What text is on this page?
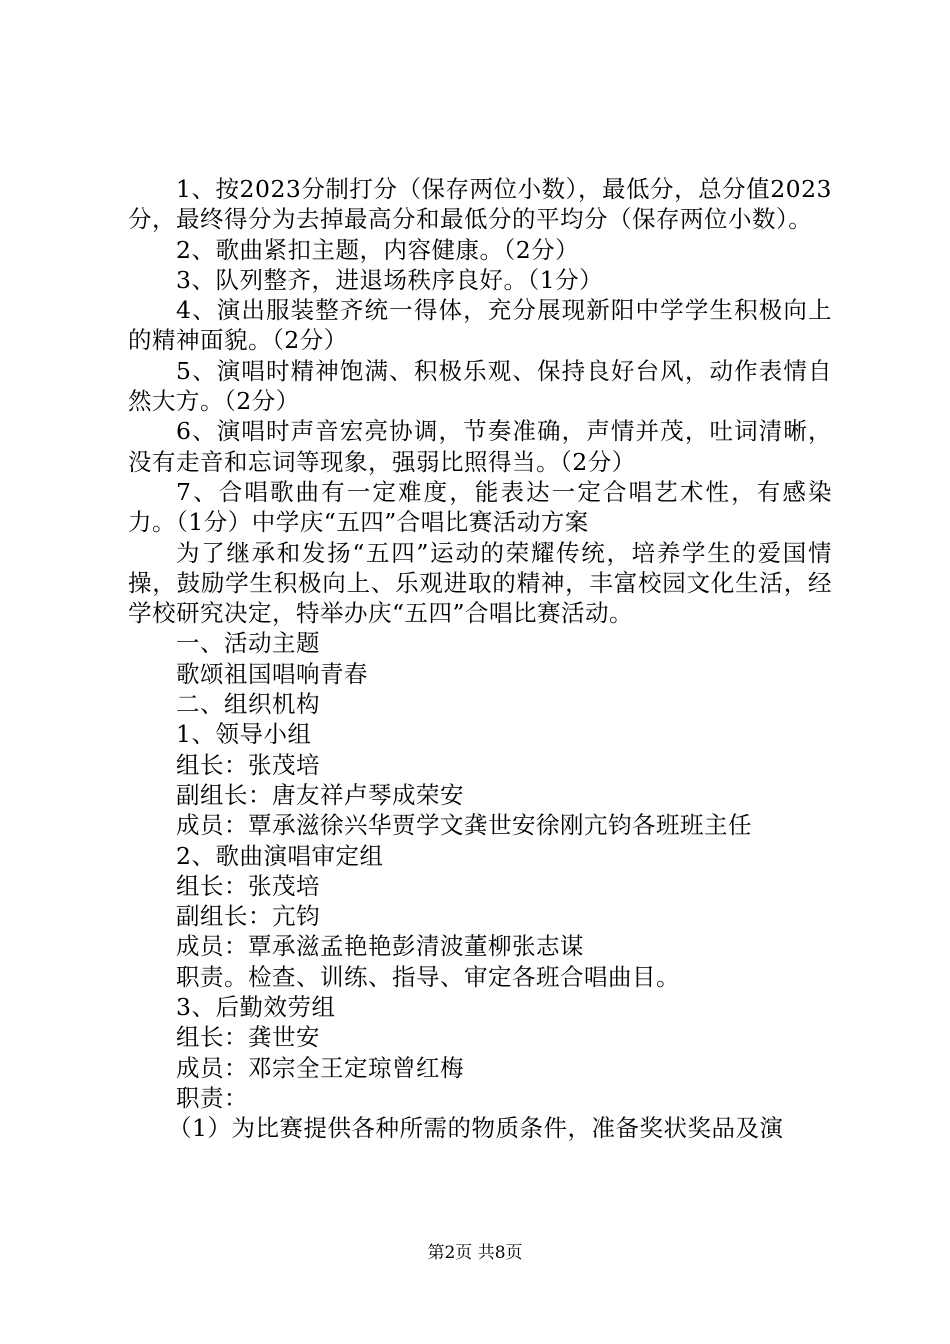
1、按2023分制打分（保存两位小数），最低分，总分值2023分，最终得分为去掉最高分和最低分的平均分（保存两位小数）。

2、歌曲紧扣主题，内容健康。（2分）

3、队列整齐，进退场秩序良好。（1分）

4、演出服装整齐统一得体，充分展现新阳中学学生积极向上的精神面貌。（2分）

5、演唱时精神饱满、积极乐观、保持良好台风，动作表情自然大方。（2分）

6、演唱时声音宏亮协调，节奏准确，声情并茂，吐词清晰，没有走音和忘词等现象，强弱比照得当。（2分）

7、合唱歌曲有一定难度，能表达一定合唱艺术性，有感染力。（1分）中学庆“五四”合唱比赛活动方案

为了继承和发扬“五四”运动的荣耀传统，培养学生的爱国情操，鼓励学生积极向上、乐观进取的精神，丰富校园文化生活，经学校研究决定，特举办庆“五四”合唱比赛活动。

一、活动主题

歌颂祖国唱响青春

二、组织机构

1、领导小组

组长：张茂培

副组长：唐友祥卢琴成荣安

成员：覃承滋徐兴华贾学文龚世安徐刚亢钧各班班主任

2、歌曲演唱审定组

组长：张茂培

副组长：亢钧

成员：覃承滋孟艳艳彭清波董柳张志谋

职责。检查、训练、指导、审定各班合唱曲目。

3、后勤效劳组

组长：龚世安

成员：邓宗全王定琼曾红梅

职责：

（1）为比赛提供各种所需的物质条件，准备奖状奖品及演

第2页 共8页
